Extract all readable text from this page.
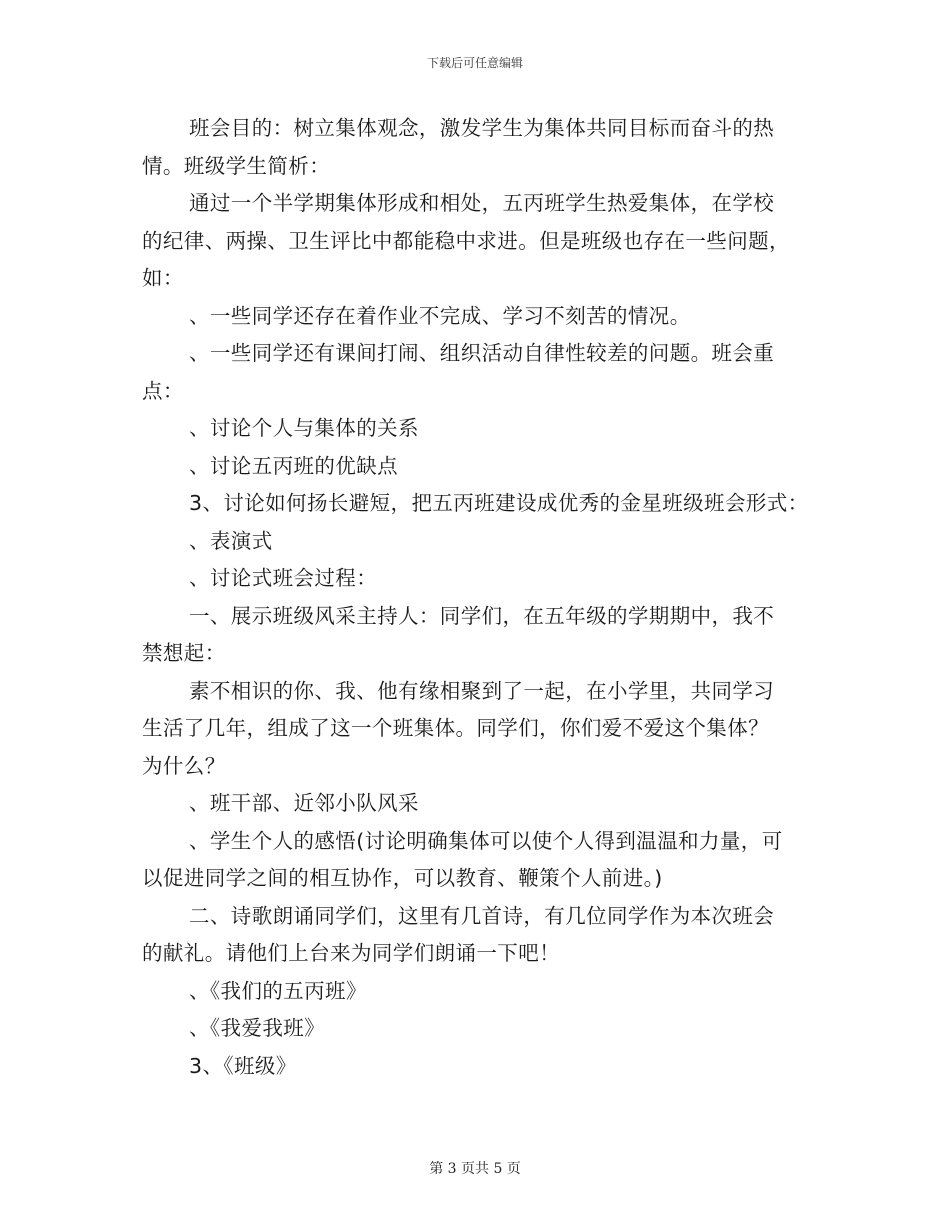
下载后可任意编辑

班会目的：树立集体观念，激发学生为集体共同目标而奋斗的热

情。班级学生简析：

通过一个半学期集体形成和相处，五丙班学生热爱集体，在学校

的纪律、两操、卫生评比中都能稳中求进。但是班级也存在一些问题，

如：

、一些同学还存在着作业不完成、学习不刻苦的情况。

、一些同学还有课间打闹、组织活动自律性较差的问题。班会重

点：

、讨论个人与集体的关系

、讨论五丙班的优缺点

3、讨论如何扬长避短，把五丙班建设成优秀的金星班级班会形式：

、表演式

、讨论式班会过程：

一、展示班级风采主持人：同学们，在五年级的学期期中，我不

禁想起：

素不相识的你、我、他有缘相聚到了一起，在小学里，共同学习

生活了几年，组成了这一个班集体。同学们，你们爱不爱这个集体？

为什么？

、班干部、近邻小队风采

、学生个人的感悟(讨论明确集体可以使个人得到温温和力量，可

以促进同学之间的相互协作，可以教育、鞭策个人前进。)

二、诗歌朗诵同学们，这里有几首诗，有几位同学作为本次班会

的献礼。请他们上台来为同学们朗诵一下吧！

、《我们的五丙班》

、《我爱我班》

3、《班级》

第 3 页共 5 页
